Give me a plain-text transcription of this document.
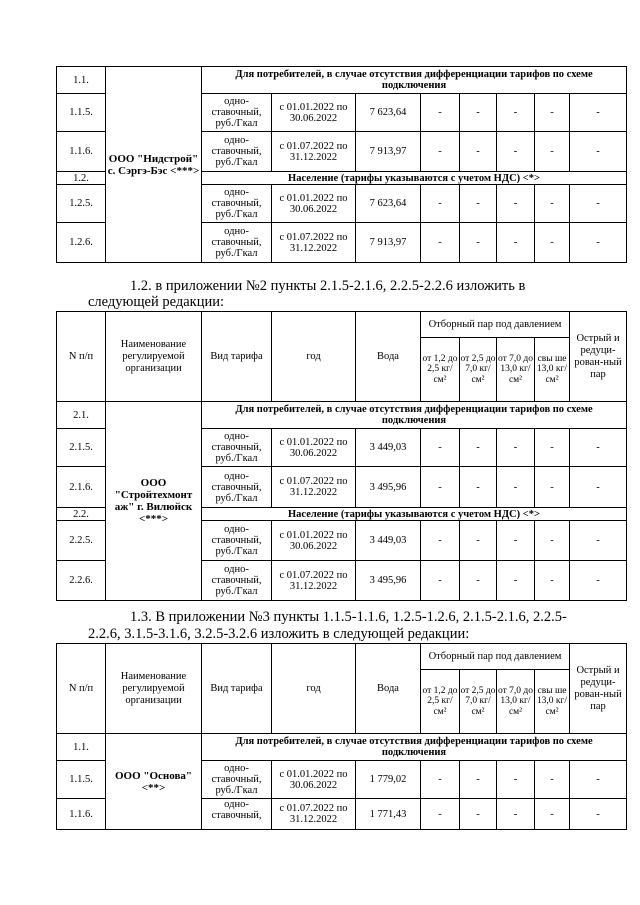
1.1.	ООО "Нидстрой" с. Сэргэ-Бэс <***>	Для потребителей, в случае отсутствия дифференциации тарифов по схеме подключения							
1.1.5.		одно-ставочный, руб./Гкал	с 01.01.2022 по 30.06.2022	7 623,64	-	-	-	-	-
1.1.6.		одно-ставочный, руб./Гкал	с 01.07.2022 по 31.12.2022	7 913,97	-	-	-	-	-
1.2.		Население (тарифы указываются с учетом НДС) <*>							
1.2.5.		одно-ставочный, руб./Гкал	с 01.01.2022 по 30.06.2022	7 623,64	-	-	-	-	-
1.2.6.		одно-ставочный, руб./Гкал	с 01.07.2022 по 31.12.2022	7 913,97	-	-	-	-	-
1.2. в приложении №2 пункты 2.1.5-2.1.6, 2.2.5-2.2.6 изложить в
следующей редакции:
N п/п	Наименование регулируемой организации	Вид тарифа	год	Вода	Отборный пар под давлением				Острый и редуци-рован-ный пар
					от 1,2 до 2,5 кг/ см²	от 2,5 до 7,0 кг/ см²	от 7,0 до 13,0 кг/ см²	свы ше 13,0 кг/ см²	
2.1.	ООО "Стройтехмонт аж" г. Вилюйск <***>	Для потребителей, в случае отсутствия дифференциации тарифов по схеме подключения							
2.1.5.		одно-ставочный, руб./Гкал	с 01.01.2022 по 30.06.2022	3 449,03	-	-	-	-	-
2.1.6.		одно-ставочный, руб./Гкал	с 01.07.2022 по 31.12.2022	3 495,96	-	-	-	-	-
2.2.		Население (тарифы указываются с учетом НДС) <*>							
2.2.5.		одно-ставочный, руб./Гкал	с 01.01.2022 по 30.06.2022	3 449,03	-	-	-	-	-
2.2.6.		одно-ставочный, руб./Гкал	с 01.07.2022 по 31.12.2022	3 495,96	-	-	-	-	-
1.3. В приложении №3 пункты 1.1.5-1.1.6, 1.2.5-1.2.6, 2.1.5-2.1.6, 2.2.5-
2.2.6, 3.1.5-3.1.6, 3.2.5-3.2.6 изложить в следующей редакции:
N п/п	Наименование регулируемой организации	Вид тарифа	год	Вода	Отборный пар под давлением				Острый и редуци-рован-ный пар
					от 1,2 до 2,5 кг/ см²	от 2,5 до 7,0 кг/ см²	от 7,0 до 13,0 кг/ см²	свы ше 13,0 кг/ см²	
1.1.	ООО "Основа" <**>	Для потребителей, в случае отсутствия дифференциации тарифов по схеме подключения							
1.1.5.		одно-ставочный, руб./Гкал	с 01.01.2022 по 30.06.2022	1 779,02	-	-	-	-	-
1.1.6.		одно-ставочный,	с 01.07.2022 по 31.12.2022	1 771,43	-	-	-	-	-
